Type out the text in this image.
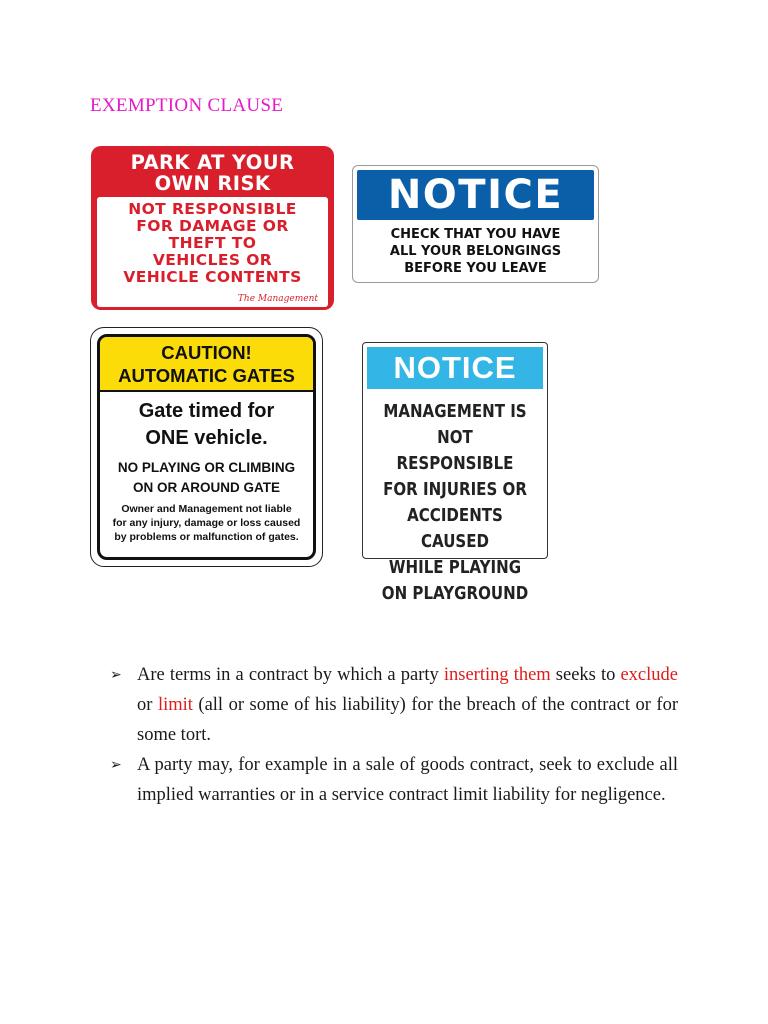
EXEMPTION CLAUSE
PARK AT YOUR
OWN RISK
NOT RESPONSIBLE
FOR DAMAGE OR
THEFT TO
VEHICLES OR
VEHICLE CONTENTS
The Management
NOTICE
CHECK THAT YOU HAVE
ALL YOUR BELONGINGS
BEFORE YOU LEAVE
CAUTION!
AUTOMATIC GATES
Gate timed for
ONE vehicle.
NO PLAYING OR CLIMBING
ON OR AROUND GATE
Owner and Management not liable
for any injury, damage or loss caused
by problems or malfunction of gates.
NOTICE
MANAGEMENT IS
NOT RESPONSIBLE
FOR INJURIES OR
ACCIDENTS CAUSED
WHILE PLAYING
ON PLAYGROUND
➢ Are terms in a contract by which a party inserting them seeks to exclude or limit (all or some of his liability) for the breach of the contract or for some tort.
➢ A party may, for example in a sale of goods contract, seek to exclude all implied warranties or in a service contract limit liability for negligence.
